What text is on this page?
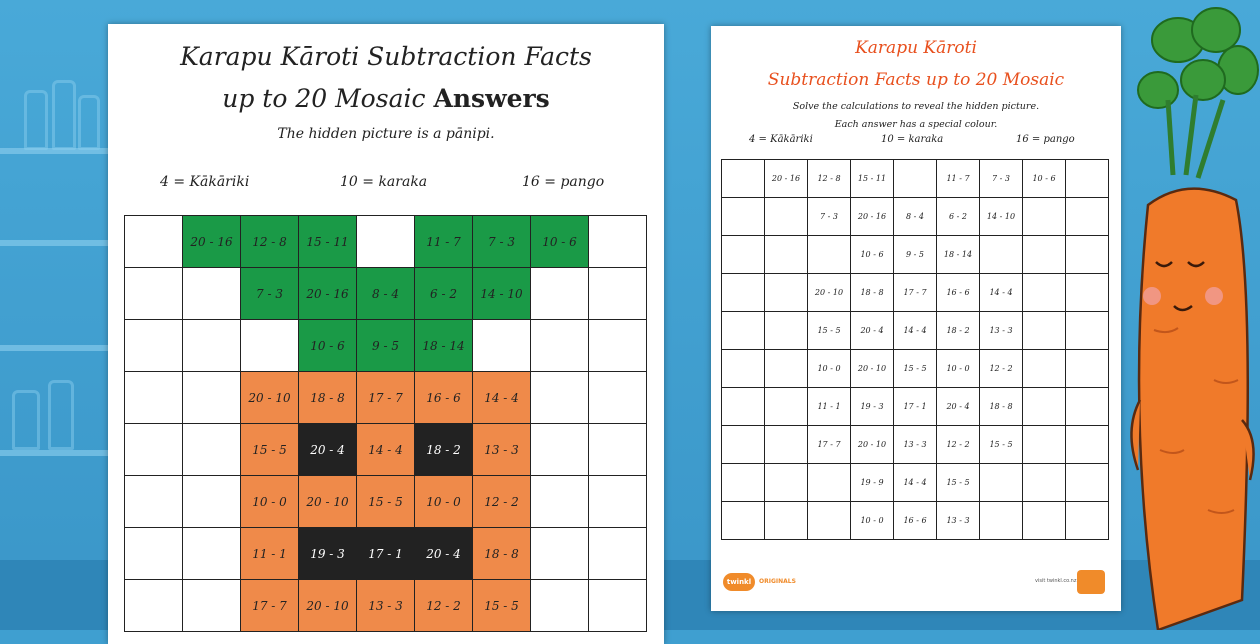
Karapu Kāroti Subtraction Facts
up to 20 Mosaic Answers
The hidden picture is a pānipi.
4 = Kākāriki	10 = karaka	16 = pango
	20 - 16	12 - 8	15 - 11		11 - 7	7 - 3	10 - 6	
		7 - 3	20 - 16	8 - 4	6 - 2	14 - 10		
			10 - 6	9 - 5	18 - 14			
		20 - 10	18 - 8	17 - 7	16 - 6	14 - 4		
		15 - 5	20 - 4	14 - 4	18 - 2	13 - 3		
		10 - 0	20 - 10	15 - 5	10 - 0	12 - 2		
		11 - 1	19 - 3	17 - 1	20 - 4	18 - 8		
		17 - 7	20 - 10	13 - 3	12 - 2	15 - 5		
Karapu Kāroti
Subtraction Facts up to 20 Mosaic
Solve the calculations to reveal the hidden picture.
Each answer has a special colour.
4 = Kākāriki	10 = karaka	16 = pango
	20 - 16	12 - 8	15 - 11		11 - 7	7 - 3	10 - 6	
		7 - 3	20 - 16	8 - 4	6 - 2	14 - 10		
			10 - 6	9 - 5	18 - 14			
		20 - 10	18 - 8	17 - 7	16 - 6	14 - 4		
		15 - 5	20 - 4	14 - 4	18 - 2	13 - 3		
		10 - 0	20 - 10	15 - 5	10 - 0	12 - 2		
		11 - 1	19 - 3	17 - 1	20 - 4	18 - 8		
		17 - 7	20 - 10	13 - 3	12 - 2	15 - 5		
			19 - 9	14 - 4	15 - 5			
			10 - 0	16 - 6	13 - 3			
twinkl	ORIGINALS	visit twinkl.co.nz
